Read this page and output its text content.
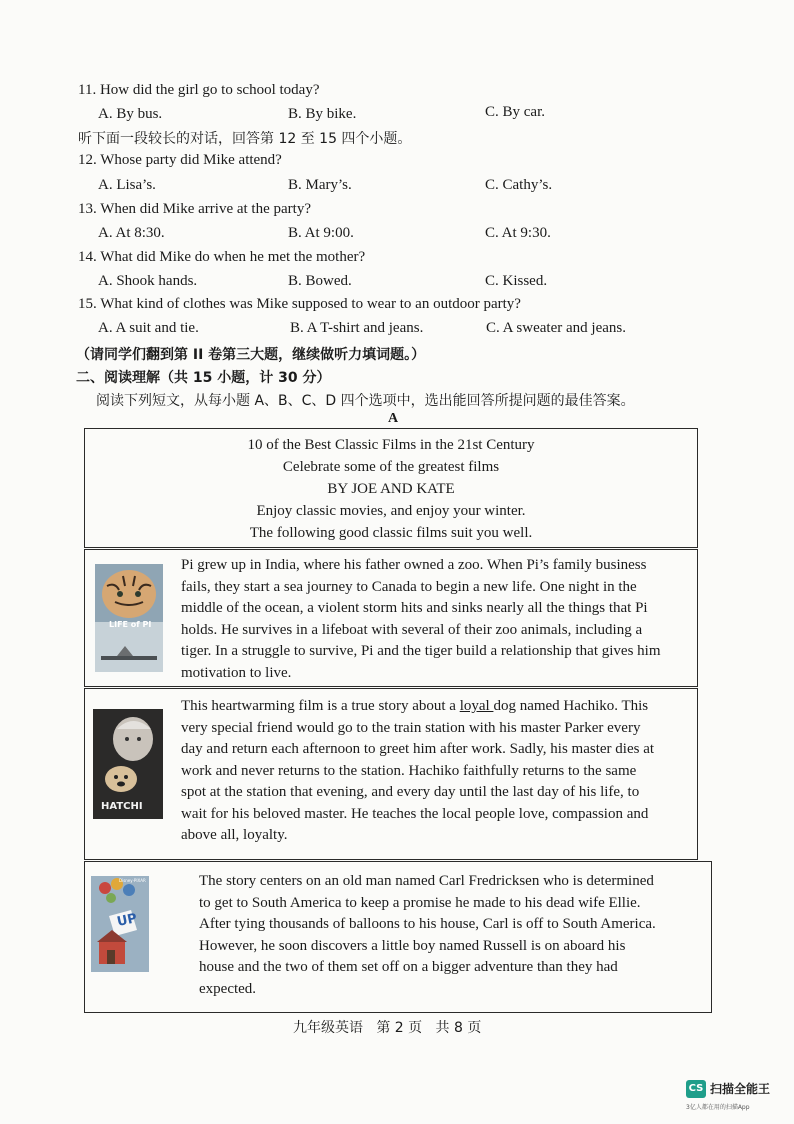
11. How did the girl go to school today?
A. By bus.	B. By bike.	C. By car.
听下面一段较长的对话，回答第 12 至 15 四个小题。
12. Whose party did Mike attend?
A. Lisa’s.	B. Mary’s.	C. Cathy’s.
13. When did Mike arrive at the party?
A. At 8:30.	B. At 9:00.	C. At 9:30.
14. What did Mike do when he met the mother?
A. Shook hands.	B. Bowed.	C. Kissed.
15. What kind of clothes was Mike supposed to wear to an outdoor party?
A. A suit and tie.	B. A T-shirt and jeans.	C. A sweater and jeans.
（请同学们翻到第 II 卷第三大题，继续做听力填词题。）
二、阅读理解（共 15 小题，计 30 分）
阅读下列短文，从每小题 A、B、C、D 四个选项中，选出能回答所提问题的最佳答案。
A
10 of the Best Classic Films in the 21st Century
Celebrate some of the greatest films
BY JOE AND KATE
Enjoy classic movies, and enjoy your winter.
The following good classic films suit you well.
LIFE of PI
Pi grew up in India, where his father owned a zoo. When Pi’s family business
fails, they start a sea journey to Canada to begin a new life. One night in the
middle of the ocean, a violent storm hits and sinks nearly all the things that Pi
holds. He survives in a lifeboat with several of their zoo animals, including a
tiger. In a struggle to survive, Pi and the tiger build a relationship that gives him
motivation to live.
HATCHI
This heartwarming film is a true story about a loyal dog named Hachiko. This
very special friend would go to the train station with his master Parker every
day and return each afternoon to greet him after work. Sadly, his master dies at
work and never returns to the station. Hachiko faithfully returns to the same
spot at the station that evening, and every day until the last day of his life, to
wait for his beloved master. He teaches the local people love, compassion and
above all, loyalty.
UP
Disney·PIXAR	The story centers on an old man named Carl Fredricksen who is determined
to get to South America to keep a promise he made to his dead wife Ellie.
After tying thousands of balloons to his house, Carl is off to South America.
However, he soon discovers a little boy named Russell is on aboard his
house and the two of them set off on a bigger adventure than they had
expected.
九年级英语   第 2 页   共 8 页
CS 扫描全能王
3亿人都在用的扫描App
